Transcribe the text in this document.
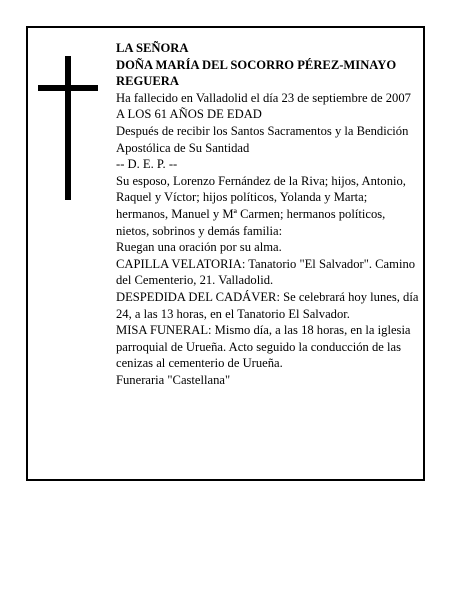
LA SEÑORA

DOÑA MARÍA DEL SOCORRO PÉREZ-MINAYO

REGUERA

Ha fallecido en Valladolid el día 23 de septiembre de 2007

A LOS 61 AÑOS DE EDAD

Después de recibir los Santos Sacramentos y la Bendición Apostólica de Su Santidad

-- D. E. P. --

Su esposo, Lorenzo Fernández de la Riva; hijos, Antonio, Raquel y Víctor; hijos políticos, Yolanda y Marta; hermanos, Manuel y Mª Carmen; hermanos políticos, nietos, sobrinos y demás familia:

Ruegan una oración por su alma.

CAPILLA VELATORIA: Tanatorio "El Salvador". Camino del Cementerio, 21. Valladolid.

DESPEDIDA DEL CADÁVER: Se celebrará hoy lunes, día 24, a las 13 horas, en el Tanatorio El Salvador.

MISA FUNERAL: Mismo día, a las 18 horas, en la iglesia parroquial de Urueña. Acto seguido la conducción de las cenizas al cementerio de Urueña.

Funeraria "Castellana"
